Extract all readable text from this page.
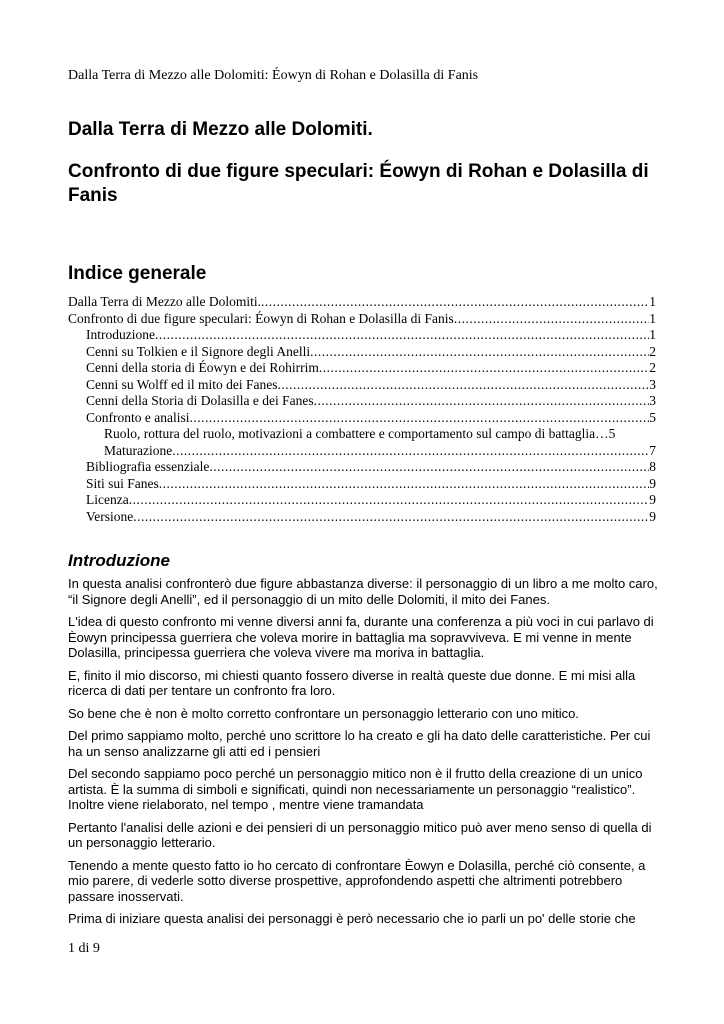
Dalla Terra di Mezzo alle Dolomiti: Éowyn di Rohan e Dolasilla di Fanis
Dalla Terra di Mezzo alle Dolomiti.
Confronto di due figure speculari: Éowyn di Rohan e Dolasilla di Fanis
Indice generale
Dalla Terra di Mezzo alle Dolomiti. .....	1
Confronto di due figure speculari: Éowyn di Rohan e Dolasilla di Fanis .....	1
Introduzione .....	1
Cenni su Tolkien e il Signore degli Anelli .....	2
Cenni della storia di Éowyn e dei Rohirrim .....	2
Cenni su Wolff ed il mito dei Fanes .....	3
Cenni della Storia di Dolasilla e dei Fanes .....	3
Confronto e analisi .....	5
Ruolo, rottura del ruolo, motivazioni a combattere e comportamento sul campo di battaglia… 5
Maturazione .....	7
Bibliografia essenziale .....	8
Siti sui Fanes .....	9
Licenza .....	9
Versione .....	9
Introduzione

In questa analisi confronterò due figure abbastanza diverse: il personaggio di un libro a me molto caro, “il Signore degli Anelli”, ed il personaggio di un mito delle Dolomiti, il mito dei Fanes.

L'idea di questo confronto mi venne diversi anni fa, durante una conferenza a più voci in cui parlavo di Èowyn principessa guerriera che voleva morire in battaglia ma sopravviveva. E mi venne in mente Dolasilla, principessa guerriera che voleva vivere ma moriva in battaglia.

E, finito il mio discorso, mi chiesti quanto fossero diverse in realtà queste due donne. E mi misi alla ricerca di dati per tentare un confronto fra loro.

So bene che è non è molto corretto confrontare un personaggio letterario con uno mitico.

Del primo sappiamo molto, perché uno scrittore lo ha creato e gli ha dato delle caratteristiche. Per cui ha un senso analizzarne gli atti ed i pensieri

Del secondo sappiamo poco perché un personaggio mitico non è il frutto della creazione di un unico artista. È la summa di simboli e significati, quindi non necessariamente un personaggio “realistico”. Inoltre viene rielaborato, nel tempo , mentre viene tramandata

Pertanto l'analisi delle azioni e dei pensieri di un personaggio mitico può aver meno senso di quella di un personaggio letterario.

Tenendo a mente questo fatto io ho cercato di confrontare Èowyn e Dolasilla, perché ciò consente, a mio parere, di vederle sotto diverse prospettive, approfondendo aspetti che altrimenti potrebbero passare inosservati.

Prima di iniziare questa analisi dei personaggi è però necessario che io parli un po' delle storie che

1 di 9
